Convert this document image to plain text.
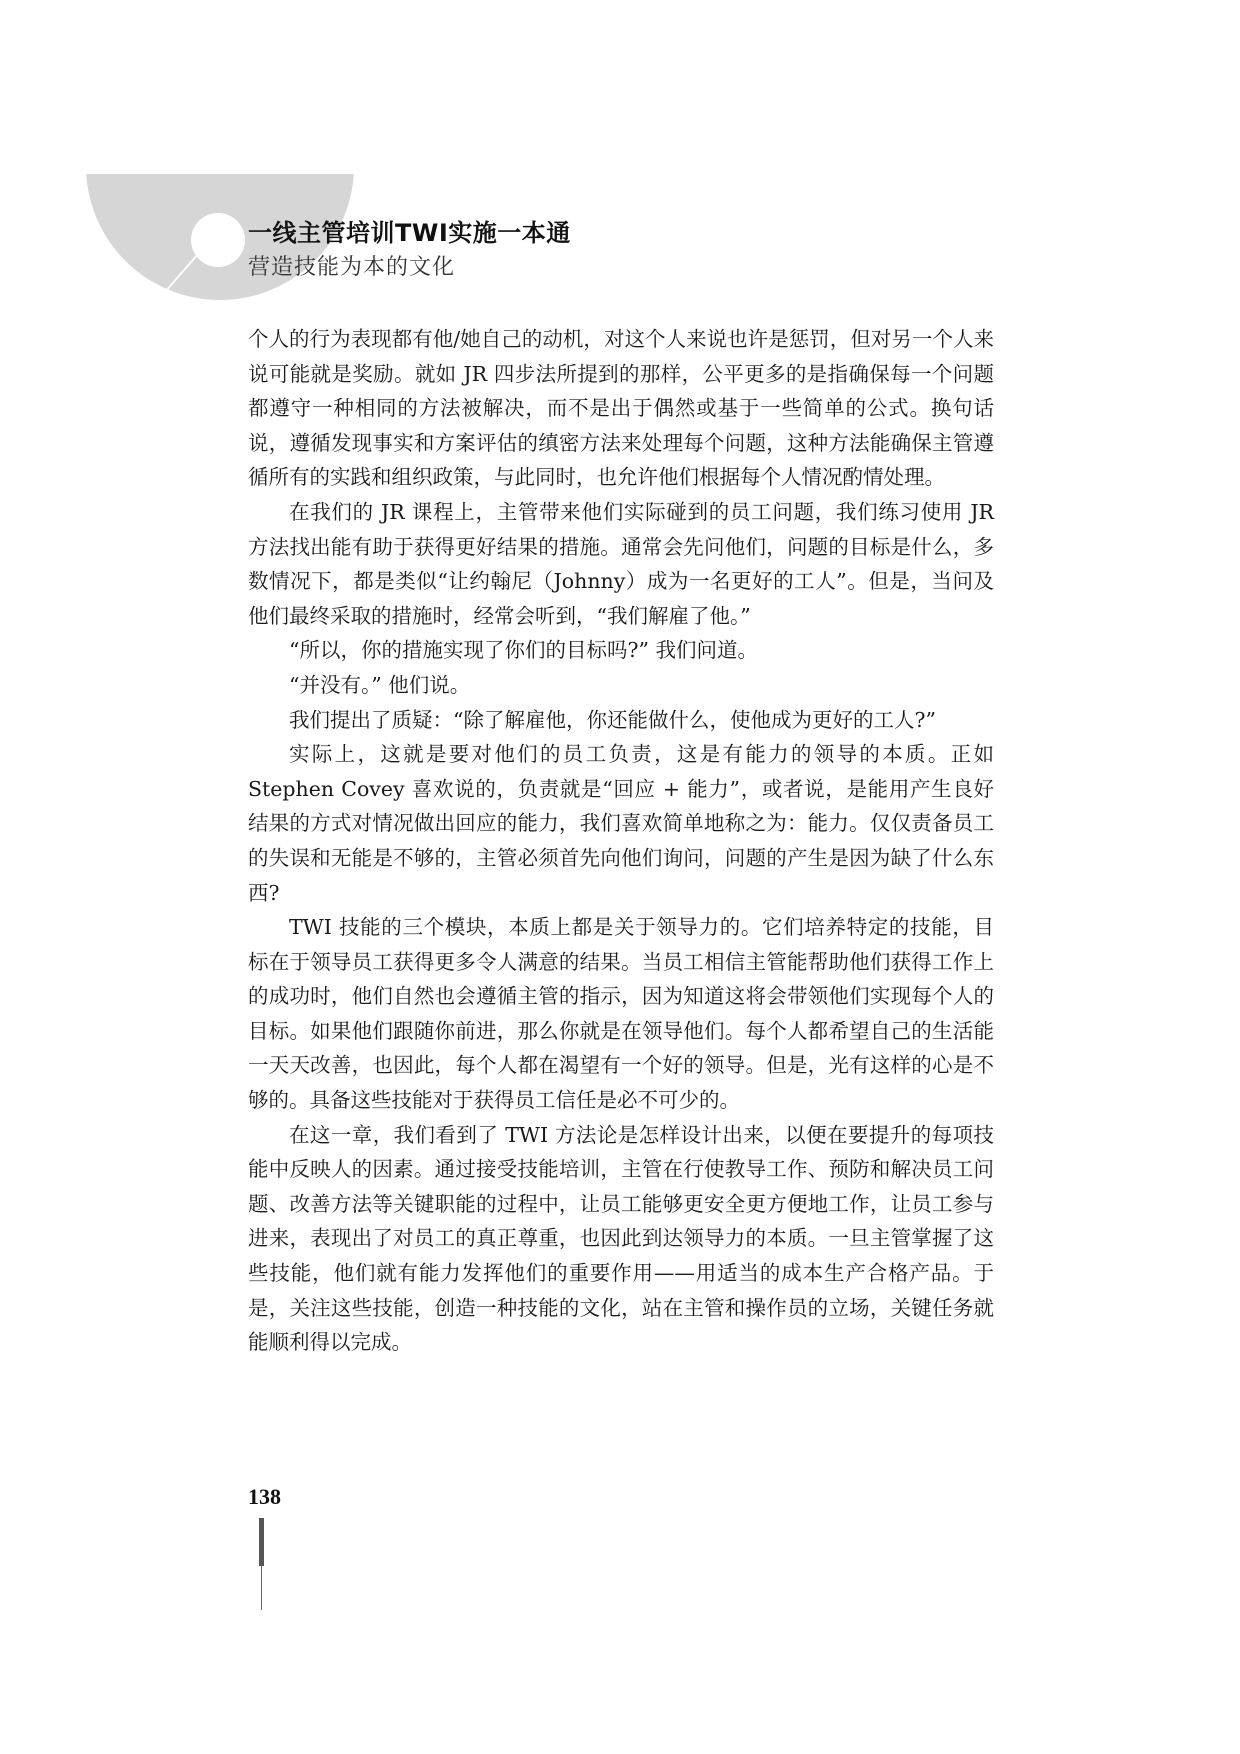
一线主管培训TWI实施一本通
营造技能为本的文化

个人的行为表现都有他/她自己的动机，对这个人来说也许是惩罚，但对另一个人来说可能就是奖励。就如 JR 四步法所提到的那样，公平更多的是指确保每一个问题都遵守一种相同的方法被解决，而不是出于偶然或基于一些简单的公式。换句话说，遵循发现事实和方案评估的缜密方法来处理每个问题，这种方法能确保主管遵循所有的实践和组织政策，与此同时，也允许他们根据每个人情况酌情处理。

在我们的 JR 课程上，主管带来他们实际碰到的员工问题，我们练习使用 JR 方法找出能有助于获得更好结果的措施。通常会先问他们，问题的目标是什么，多数情况下，都是类似“让约翰尼（Johnny）成为一名更好的工人”。但是，当问及他们最终采取的措施时，经常会听到，“我们解雇了他。”

“所以，你的措施实现了你们的目标吗?” 我们问道。

“并没有。” 他们说。

我们提出了质疑：“除了解雇他，你还能做什么，使他成为更好的工人?”

实际上，这就是要对他们的员工负责，这是有能力的领导的本质。正如 Stephen Covey 喜欢说的，负责就是“回应 + 能力”，或者说，是能用产生良好结果的方式对情况做出回应的能力，我们喜欢简单地称之为：能力。仅仅责备员工的失误和无能是不够的，主管必须首先向他们询问，问题的产生是因为缺了什么东西?

TWI 技能的三个模块，本质上都是关于领导力的。它们培养特定的技能，目标在于领导员工获得更多令人满意的结果。当员工相信主管能帮助他们获得工作上的成功时，他们自然也会遵循主管的指示，因为知道这将会带领他们实现每个人的目标。如果他们跟随你前进，那么你就是在领导他们。每个人都希望自己的生活能一天天改善，也因此，每个人都在渴望有一个好的领导。但是，光有这样的心是不够的。具备这些技能对于获得员工信任是必不可少的。

在这一章，我们看到了 TWI 方法论是怎样设计出来，以便在要提升的每项技能中反映人的因素。通过接受技能培训，主管在行使教导工作、预防和解决员工问题、改善方法等关键职能的过程中，让员工能够更安全更方便地工作，让员工参与进来，表现出了对员工的真正尊重，也因此到达领导力的本质。一旦主管掌握了这些技能，他们就有能力发挥他们的重要作用——用适当的成本生产合格产品。于是，关注这些技能，创造一种技能的文化，站在主管和操作员的立场，关键任务就能顺利得以完成。

138
